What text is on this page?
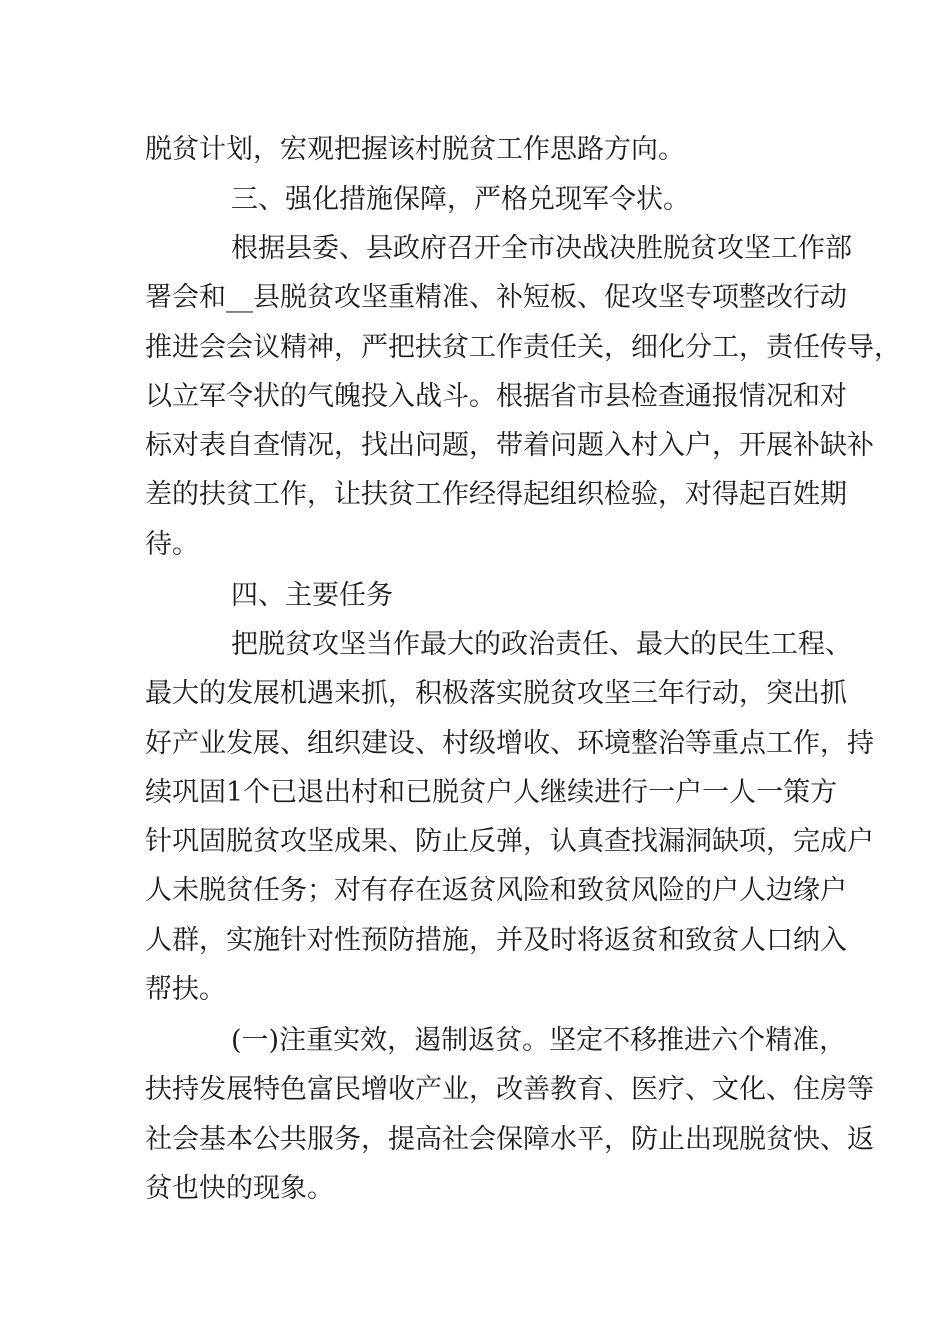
脱贫计划，宏观把握该村脱贫工作思路方向。
三、强化措施保障，严格兑现军令状。
根据县委、县政府召开全市决战决胜脱贫攻坚工作部
署会和__县脱贫攻坚重精准、补短板、促攻坚专项整改行动
推进会会议精神，严把扶贫工作责任关，细化分工，责任传导，
以立军令状的气魄投入战斗。根据省市县检查通报情况和对
标对表自查情况，找出问题，带着问题入村入户，开展补缺补
差的扶贫工作，让扶贫工作经得起组织检验，对得起百姓期
待。
四、主要任务
把脱贫攻坚当作最大的政治责任、最大的民生工程、
最大的发展机遇来抓，积极落实脱贫攻坚三年行动，突出抓
好产业发展、组织建设、村级增收、环境整治等重点工作，持
续巩固1个已退出村和已脱贫户人继续进行一户一人一策方
针巩固脱贫攻坚成果、防止反弹，认真查找漏洞缺项，完成户
人未脱贫任务；对有存在返贫风险和致贫风险的户人边缘户
人群，实施针对性预防措施，并及时将返贫和致贫人口纳入
帮扶。
(一)注重实效，遏制返贫。坚定不移推进六个精准，
扶持发展特色富民增收产业，改善教育、医疗、文化、住房等
社会基本公共服务，提高社会保障水平，防止出现脱贫快、返
贫也快的现象。
